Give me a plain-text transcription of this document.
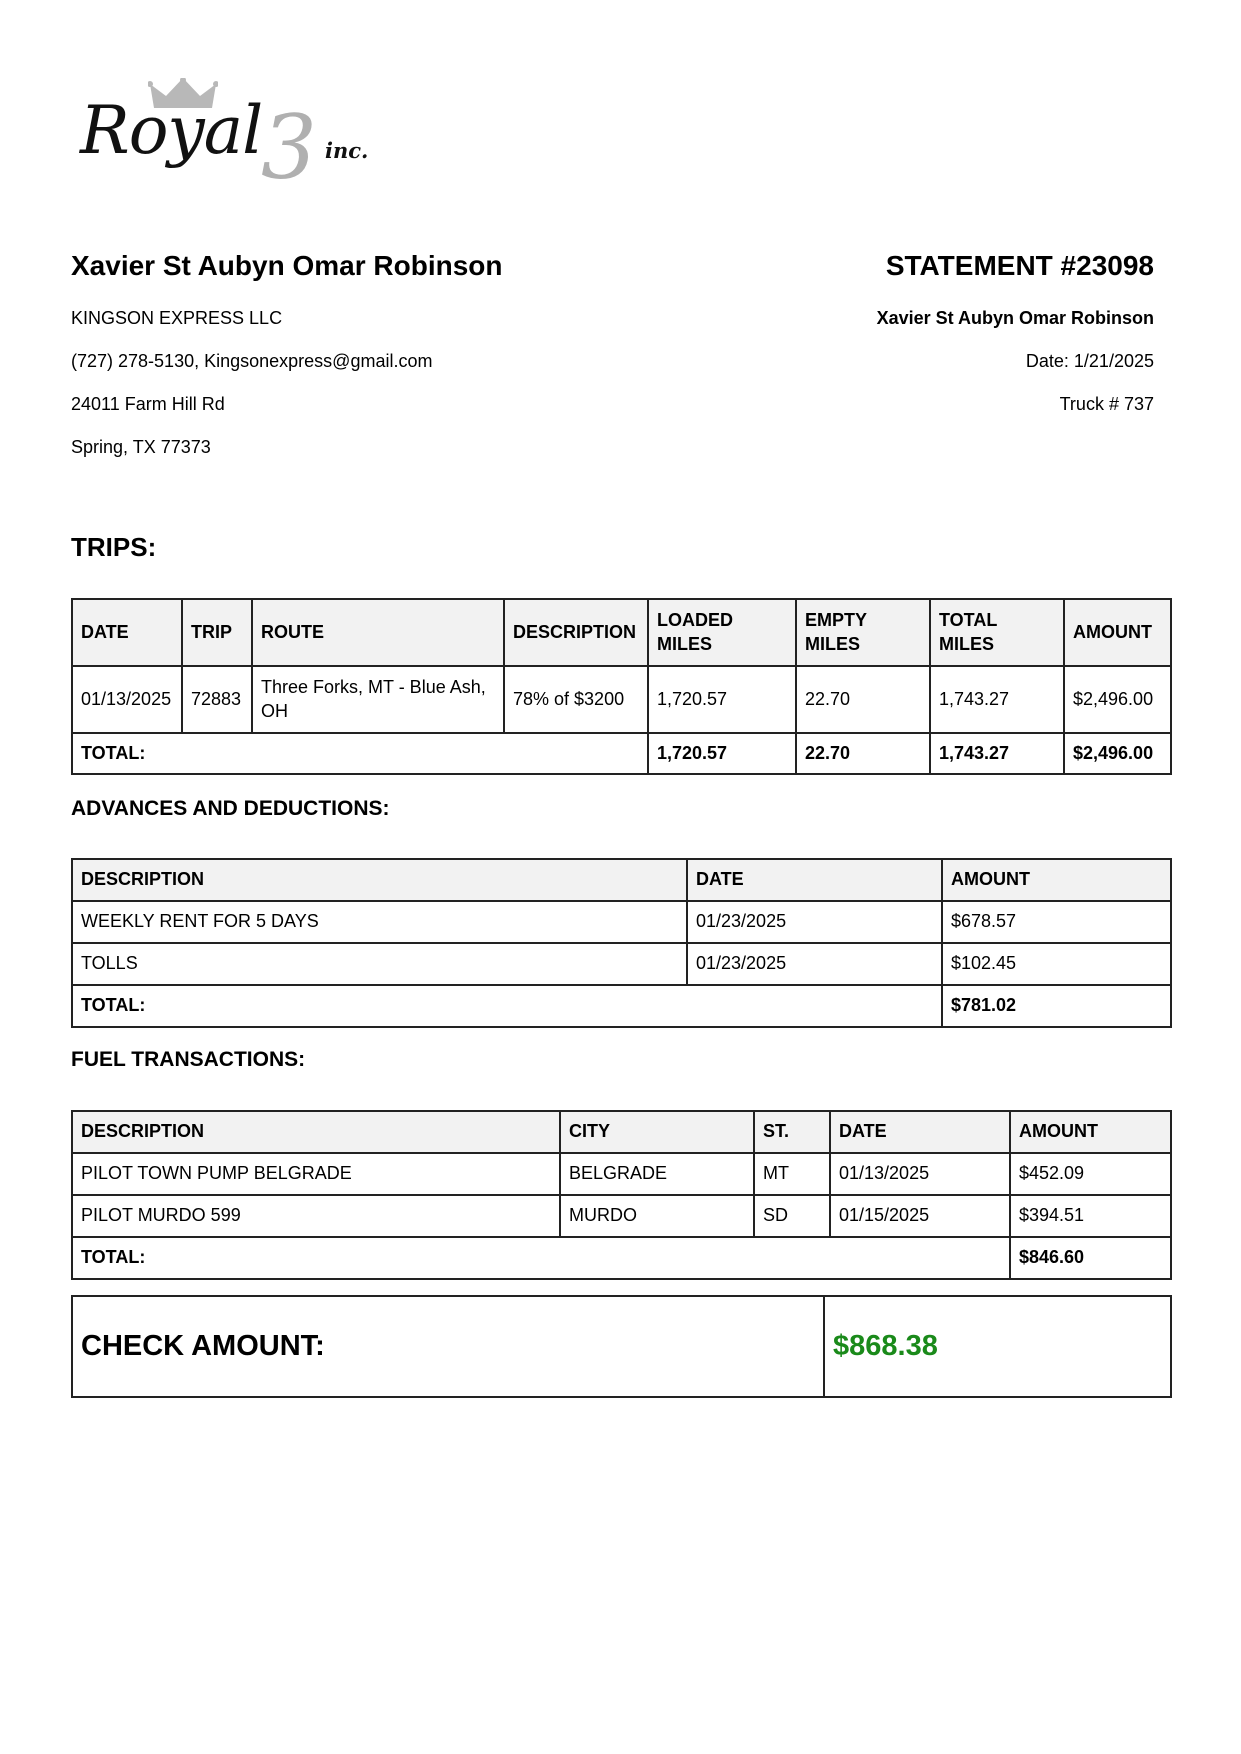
Royal
3 inc.
Xavier St Aubyn Omar Robinson	STATEMENT #23098
KINGSON EXPRESS LLC
(727) 278-5130, Kingsonexpress@gmail.com
24011 Farm Hill Rd
Spring, TX 77373
Xavier St Aubyn Omar Robinson
Date: 1/21/2025
Truck # 737
TRIPS:
DATE	TRIP	ROUTE	DESCRIPTION	LOADED MILES	EMPTY MILES	TOTAL MILES	AMOUNT
01/13/2025	72883	Three Forks, MT - Blue Ash, OH	78% of $3200	1,720.57	22.70	1,743.27	$2,496.00
TOTAL:				1,720.57	22.70	1,743.27	$2,496.00
ADVANCES AND DEDUCTIONS:
DESCRIPTION	DATE	AMOUNT
WEEKLY RENT FOR 5 DAYS	01/23/2025	$678.57
TOLLS	01/23/2025	$102.45
TOTAL:		$781.02
FUEL TRANSACTIONS:
DESCRIPTION	CITY	ST.	DATE	AMOUNT
PILOT TOWN PUMP BELGRADE	BELGRADE	MT	01/13/2025	$452.09
PILOT MURDO 599	MURDO	SD	01/15/2025	$394.51
TOTAL:				$846.60
CHECK AMOUNT:	$868.38
